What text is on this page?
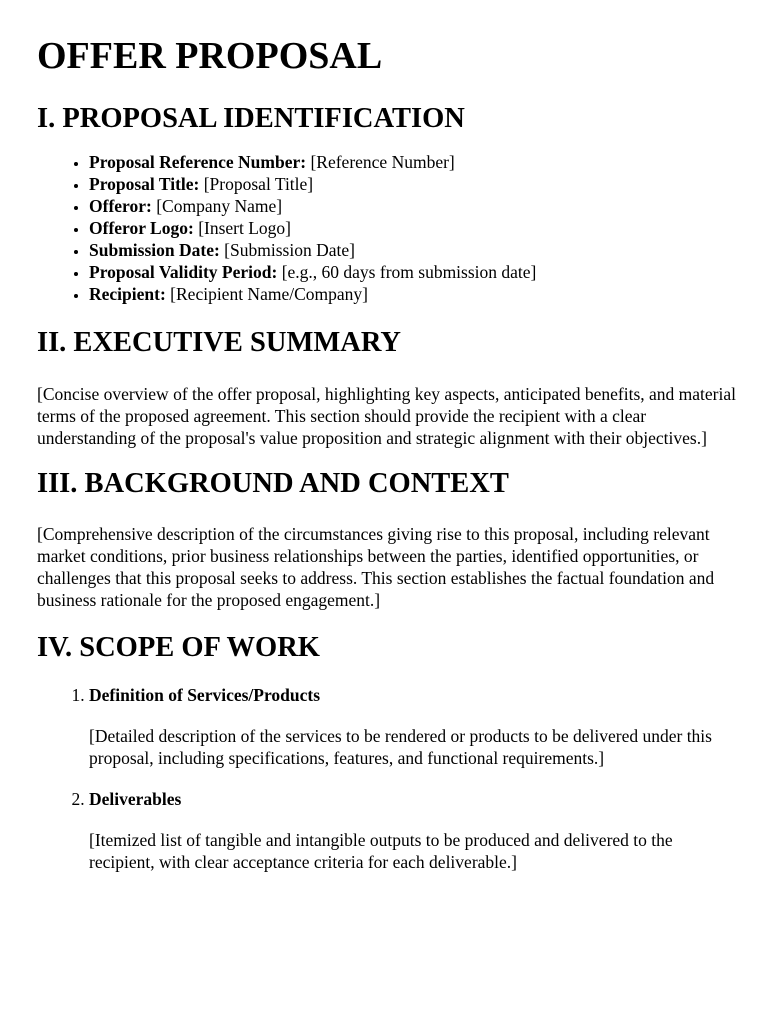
OFFER PROPOSAL
I. PROPOSAL IDENTIFICATION
• Proposal Reference Number: [Reference Number]
• Proposal Title: [Proposal Title]
• Offeror: [Company Name]
• Offeror Logo: [Insert Logo]
• Submission Date: [Submission Date]
• Proposal Validity Period: [e.g., 60 days from submission date]
• Recipient: [Recipient Name/Company]
II. EXECUTIVE SUMMARY

[Concise overview of the offer proposal, highlighting key aspects, anticipated benefits, and material terms of the proposed agreement. This section should provide the recipient with a clear understanding of the proposal's value proposition and strategic alignment with their objectives.]

III. BACKGROUND AND CONTEXT

[Comprehensive description of the circumstances giving rise to this proposal, including relevant market conditions, prior business relationships between the parties, identified opportunities, or challenges that this proposal seeks to address. This section establishes the factual foundation and business rationale for the proposed engagement.]

IV. SCOPE OF WORK
1. Definition of Services/Products

[Detailed description of the services to be rendered or products to be delivered under this proposal, including specifications, features, and functional requirements.]

2. Deliverables

[Itemized list of tangible and intangible outputs to be produced and delivered to the recipient, with clear acceptance criteria for each deliverable.]
